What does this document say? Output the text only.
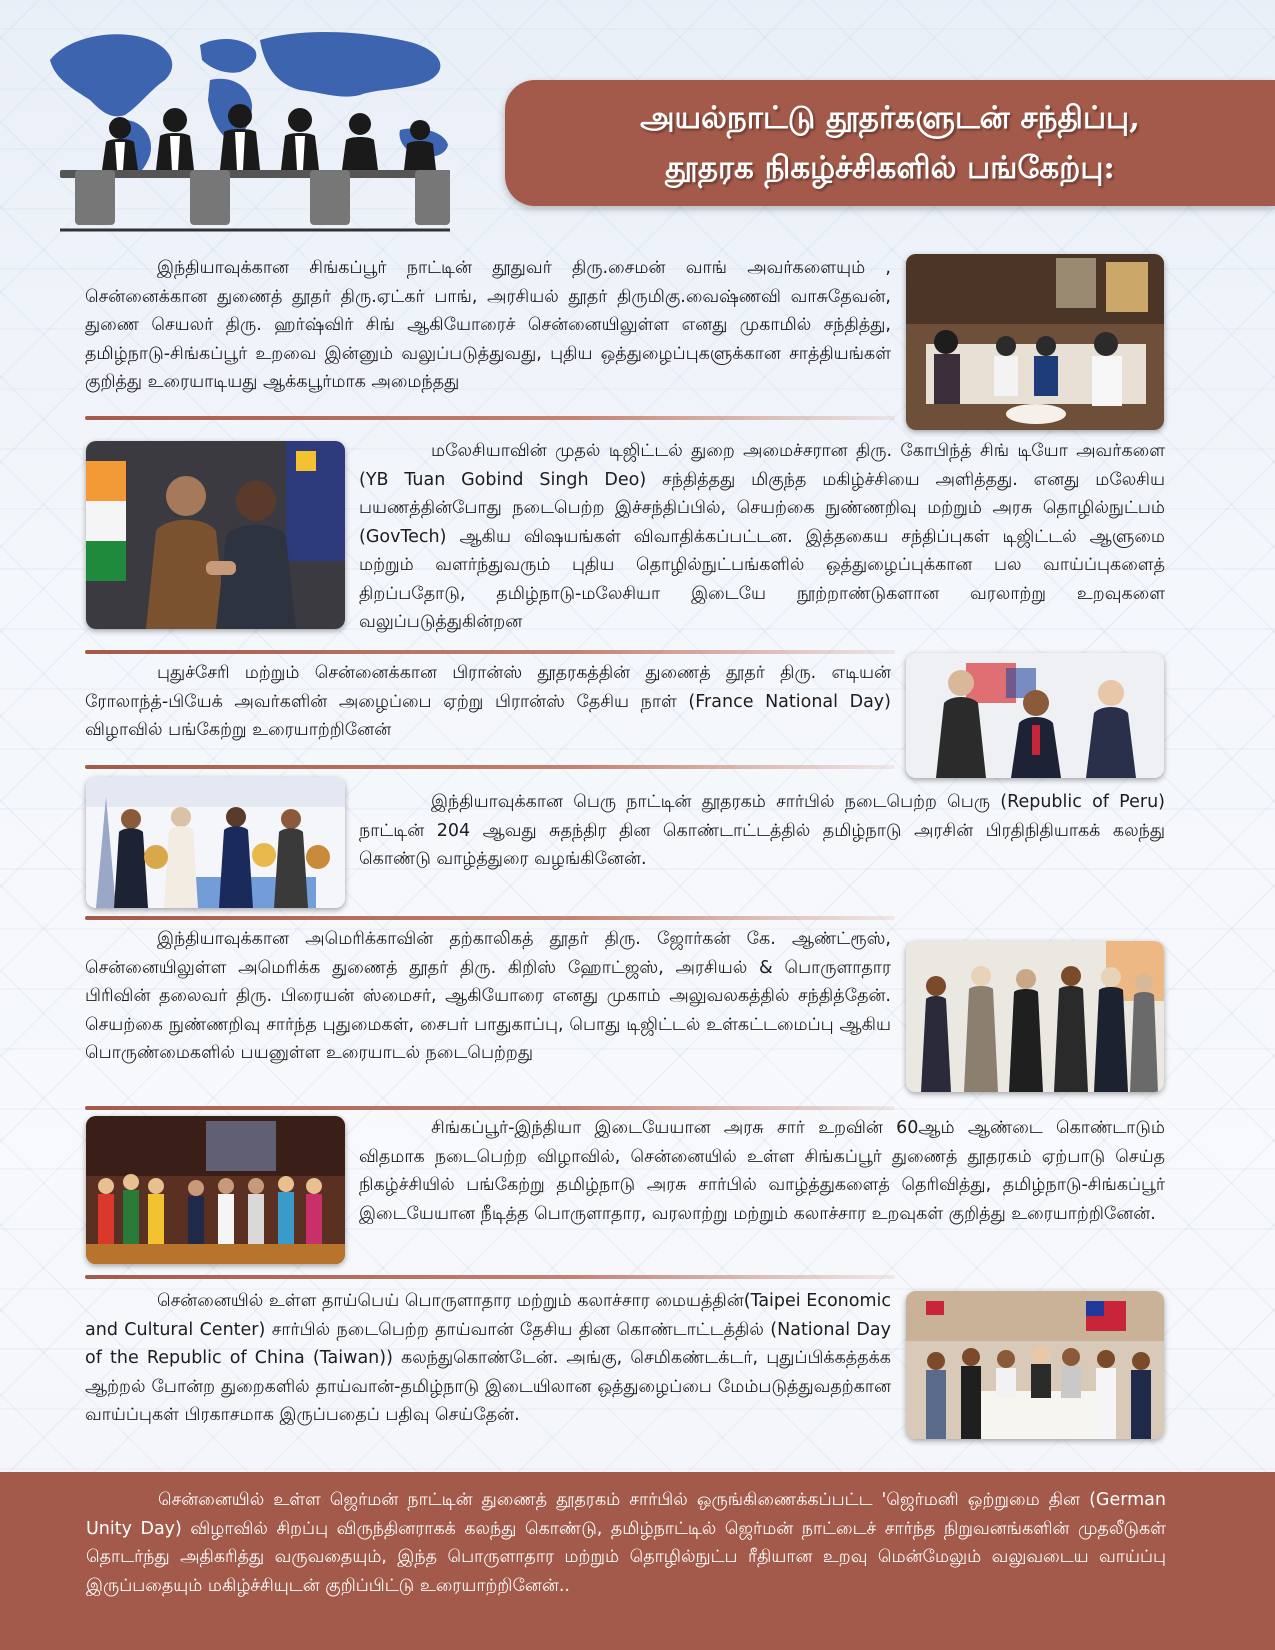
அயல்நாட்டு தூதர்களுடன் சந்திப்பு,
தூதரக நிகழ்ச்சிகளில் பங்கேற்பு:
இந்தியாவுக்கான சிங்கப்பூர் நாட்டின் தூதுவர் திரு.சைமன் வாங் அவர்களையும் , சென்னைக்கான துணைத் தூதர் திரு.ஏட்கர் பாங், அரசியல் தூதர் திருமிகு.வைஷ்ணவி வாசுதேவன், துணை செயலர் திரு. ஹர்ஷ்விர் சிங் ஆகியோரைச் சென்னையிலுள்ள எனது முகாமில் சந்தித்து, தமிழ்நாடு-சிங்கப்பூர் உறவை இன்னும் வலுப்படுத்துவது, புதிய ஒத்துழைப்புகளுக்கான சாத்தியங்கள் குறித்து உரையாடியது ஆக்கபூர்மாக அமைந்தது
மலேசியாவின் முதல் டிஜிட்டல் துறை அமைச்சரான திரு. கோபிந்த் சிங் டியோ அவர்களை (YB Tuan Gobind Singh Deo) சந்தித்தது மிகுந்த மகிழ்ச்சியை அளித்தது. எனது மலேசிய பயணத்தின்போது நடைபெற்ற இச்சந்திப்பில், செயற்கை நுண்ணறிவு மற்றும் அரசு தொழில்நுட்பம் (GovTech) ஆகிய விஷயங்கள் விவாதிக்கப்பட்டன. இத்தகைய சந்திப்புகள் டிஜிட்டல் ஆளுமை மற்றும் வளர்ந்துவரும் புதிய தொழில்நுட்பங்களில் ஒத்துழைப்புக்கான பல வாய்ப்புகளைத் திறப்பதோடு, தமிழ்நாடு-மலேசியா இடையே நூற்றாண்டுகளான வரலாற்று உறவுகளை வலுப்படுத்துகின்றன
புதுச்சேரி மற்றும் சென்னைக்கான பிரான்ஸ் தூதரகத்தின் துணைத் தூதர் திரு. எடியன் ரோலாந்த்-பியேக் அவர்களின் அழைப்பை ஏற்று பிரான்ஸ் தேசிய நாள் (France National Day) விழாவில் பங்கேற்று உரையாற்றினேன்
இந்தியாவுக்கான பெரு நாட்டின் தூதரகம் சார்பில் நடைபெற்ற பெரு (Republic of Peru) நாட்டின் 204 ஆவது சுதந்திர தின கொண்டாட்டத்தில் தமிழ்நாடு அரசின் பிரதிநிதியாகக் கலந்து கொண்டு வாழ்த்துரை வழங்கினேன்.
இந்தியாவுக்கான அமெரிக்காவின் தற்காலிகத் தூதர் திரு. ஜோர்கன் கே. ஆண்ட்ரூஸ், சென்னையிலுள்ள அமெரிக்க துணைத் தூதர் திரு. கிறிஸ் ஹோட்ஜஸ், அரசியல் & பொருளாதார பிரிவின் தலைவர் திரு. பிரையன் ஸ்மைசர், ஆகியோரை எனது முகாம் அலுவலகத்தில் சந்தித்தேன். செயற்கை நுண்ணறிவு சார்ந்த புதுமைகள், சைபர் பாதுகாப்பு, பொது டிஜிட்டல் உள்கட்டமைப்பு ஆகிய பொருண்மைகளில் பயனுள்ள உரையாடல் நடைபெற்றது
சிங்கப்பூர்-இந்தியா இடையேயான அரசு சார் உறவின் 60ஆம் ஆண்டை கொண்டாடும் விதமாக நடைபெற்ற விழாவில், சென்னையில் உள்ள சிங்கப்பூர் துணைத் தூதரகம் ஏற்பாடு செய்த நிகழ்ச்சியில் பங்கேற்று தமிழ்நாடு அரசு சார்பில் வாழ்த்துகளைத் தெரிவித்து, தமிழ்நாடு-சிங்கப்பூர் இடையேயான நீடித்த பொருளாதார, வரலாற்று மற்றும் கலாச்சார உறவுகள் குறித்து உரையாற்றினேன்.
சென்னையில் உள்ள தாய்பெய் பொருளாதார மற்றும் கலாச்சார மையத்தின்(Taipei Economic and Cultural Center) சார்பில் நடைபெற்ற தாய்வான் தேசிய தின கொண்டாட்டத்தில் (National Day of the Republic of China (Taiwan)) கலந்துகொண்டேன். அங்கு, செமிகண்டக்டர், புதுப்பிக்கத்தக்க ஆற்றல் போன்ற துறைகளில் தாய்வான்-தமிழ்நாடு இடையிலான ஒத்துழைப்பை மேம்படுத்துவதற்கான வாய்ப்புகள் பிரகாசமாக இருப்பதைப் பதிவு செய்தேன்.
சென்னையில் உள்ள ஜெர்மன் நாட்டின் துணைத் தூதரகம் சார்பில் ஒருங்கிணைக்கப்பட்ட 'ஜெர்மனி ஒற்றுமை தின (German Unity Day) விழாவில் சிறப்பு விருந்தினராகக் கலந்து கொண்டு, தமிழ்நாட்டில் ஜெர்மன் நாட்டைச் சார்ந்த நிறுவனங்களின் முதலீடுகள் தொடர்ந்து அதிகரித்து வருவதையும், இந்த பொருளாதார மற்றும் தொழில்நுட்ப ரீதியான உறவு மென்மேலும் வலுவடைய வாய்ப்பு இருப்பதையும் மகிழ்ச்சியுடன் குறிப்பிட்டு உரையாற்றினேன்..
